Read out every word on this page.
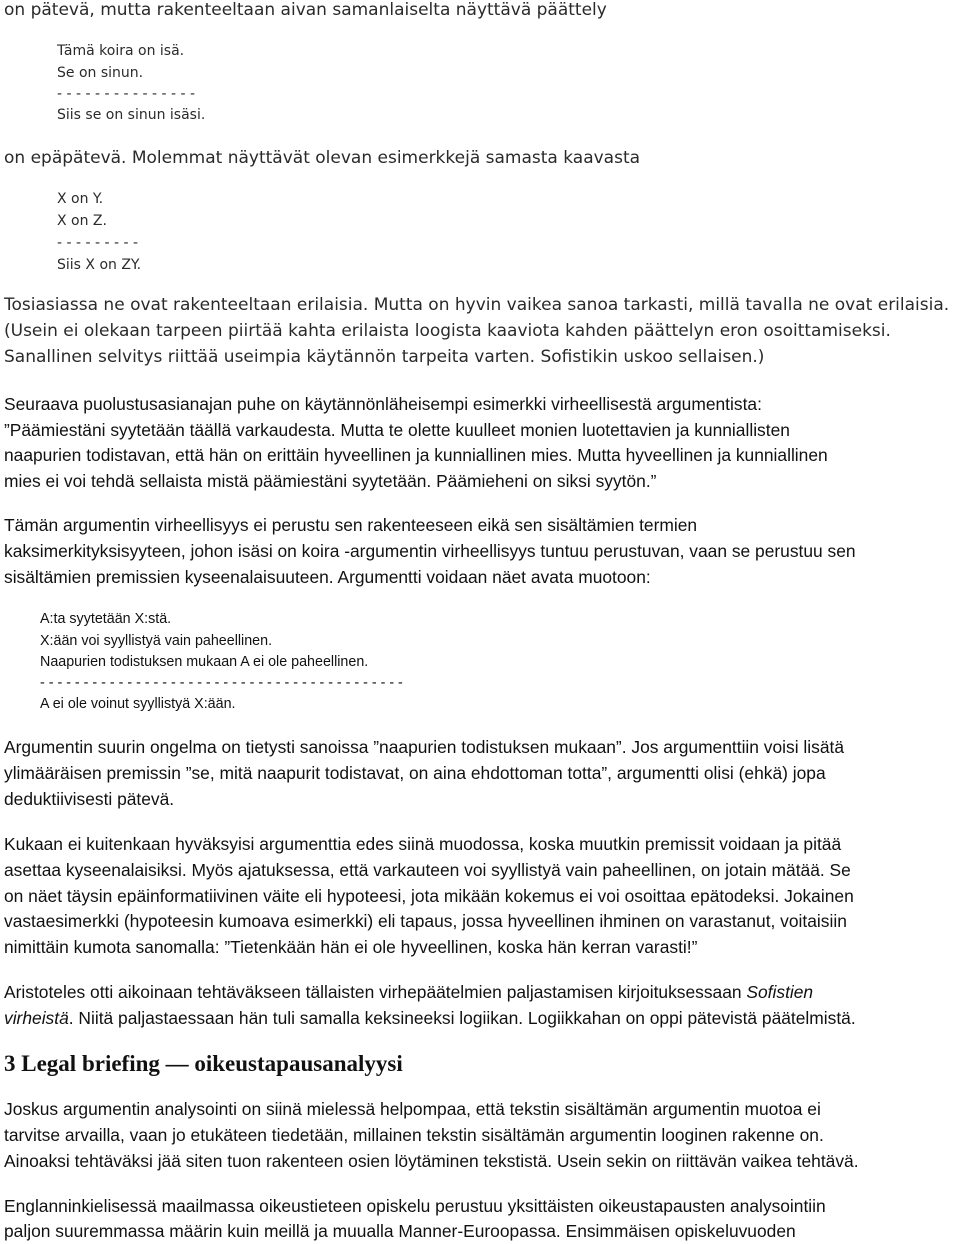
on pätevä, mutta rakenteeltaan aivan samanlaiselta näyttävä päättely
Tämä koira on isä.
Se on sinun.
- - - - - - - - - - - - - - -
Siis se on sinun isäsi.
on epäpätevä. Molemmat näyttävät olevan esimerkkejä samasta kaavasta
X on Y.
X on Z.
- - - - - - - - -
Siis X on ZY.
Tosiasiassa ne ovat rakenteeltaan erilaisia. Mutta on hyvin vaikea sanoa tarkasti, millä tavalla ne ovat erilaisia.
(Usein ei olekaan tarpeen piirtää kahta erilaista loogista kaaviota kahden päättelyn eron osoittamiseksi.
Sanallinen selvitys riittää useimpia käytännön tarpeita varten. Sofistikin uskoo sellaisen.)
Seuraava puolustusasianajan puhe on käytännönläheisempi esimerkki virheellisestä argumentista:
”Päämiestäni syytetään täällä varkaudesta. Mutta te olette kuulleet monien luotettavien ja kunniallisten
naapurien todistavan, että hän on erittäin hyveellinen ja kunniallinen mies. Mutta hyveellinen ja kunniallinen
mies ei voi tehdä sellaista mistä päämiestäni syytetään. Päämieheni on siksi syytön.”
Tämän argumentin virheellisyys ei perustu sen rakenteeseen eikä sen sisältämien termien
kaksimerkityksisyyteen, johon isäsi on koira -argumentin virheellisyys tuntuu perustuvan, vaan se perustuu sen
sisältämien premissien kyseenalaisuuteen. Argumentti voidaan näet avata muotoon:
A:ta syytetään X:stä.
X:ään voi syyllistyä vain paheellinen.
Naapurien todistuksen mukaan A ei ole paheellinen.
- - - - - - - - - - - - - - - - - - - - - - - - - - - - - - - - - - - - - - - - - -
A ei ole voinut syyllistyä X:ään.
Argumentin suurin ongelma on tietysti sanoissa ”naapurien todistuksen mukaan”. Jos argumenttiin voisi lisätä
ylimääräisen premissin ”se, mitä naapurit todistavat, on aina ehdottoman totta”, argumentti olisi (ehkä) jopa
deduktiivisesti pätevä.
Kukaan ei kuitenkaan hyväksyisi argumenttia edes siinä muodossa, koska muutkin premissit voidaan ja pitää
asettaa kyseenalaisiksi. Myös ajatuksessa, että varkauteen voi syyllistyä vain paheellinen, on jotain mätää. Se
on näet täysin epäinformatiivinen väite eli hypoteesi, jota mikään kokemus ei voi osoittaa epätodeksi. Jokainen
vastaesimerkki (hypoteesin kumoava esimerkki) eli tapaus, jossa hyveellinen ihminen on varastanut, voitaisiin
nimittäin kumota sanomalla: ”Tietenkään hän ei ole hyveellinen, koska hän kerran varasti!”
Aristoteles otti aikoinaan tehtäväkseen tällaisten virhepäätelmien paljastamisen kirjoituksessaan Sofistien
virheistä. Niitä paljastaessaan hän tuli samalla keksineeksi logiikan. Logiikkahan on oppi pätevistä päätelmistä.
3 Legal briefing — oikeustapausanalyysi
Joskus argumentin analysointi on siinä mielessä helpompaa, että tekstin sisältämän argumentin muotoa ei
tarvitse arvailla, vaan jo etukäteen tiedetään, millainen tekstin sisältämän argumentin looginen rakenne on.
Ainoaksi tehtäväksi jää siten tuon rakenteen osien löytäminen tekstistä. Usein sekin on riittävän vaikea tehtävä.
Englanninkielisessä maailmassa oikeustieteen opiskelu perustuu yksittäisten oikeustapausten analysointiin
paljon suuremmassa määrin kuin meillä ja muualla Manner-Euroopassa. Ensimmäisen opiskeluvuoden
